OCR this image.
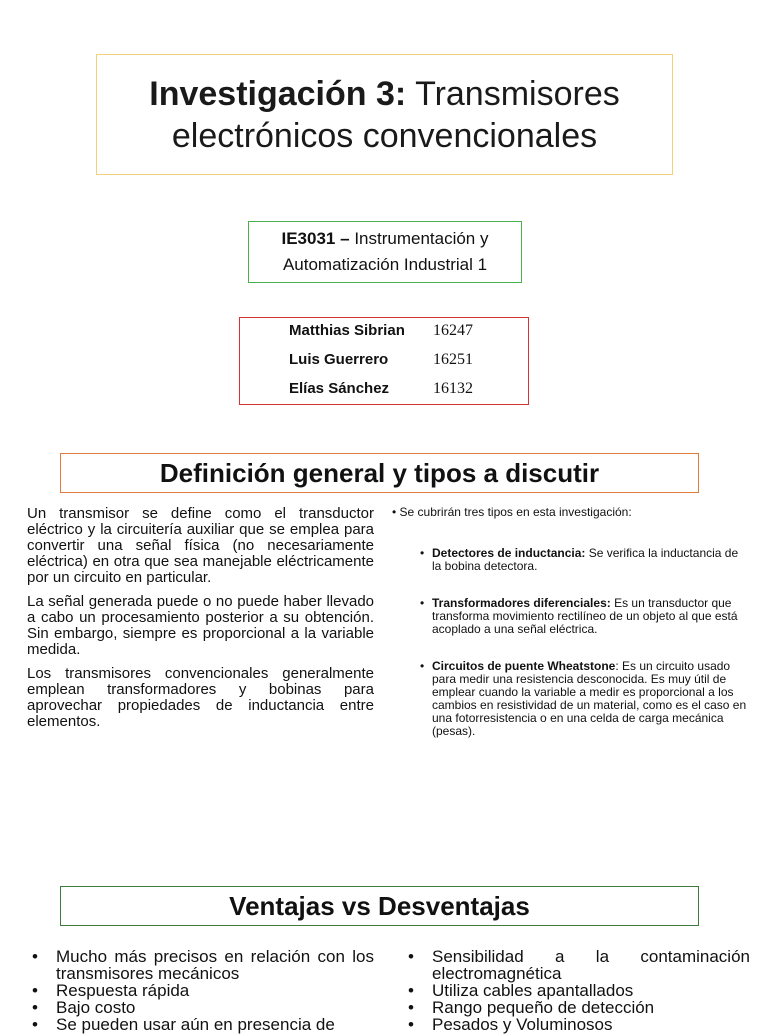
Investigación 3: Transmisores electrónicos convencionales
IE3031 – Instrumentación y Automatización Industrial 1
Matthias Sibrian 16247
Luis Guerrero	16251
Elías Sánchez	16132
Definición general y tipos a discutir

Un transmisor se define como el transductor eléctrico y la circuitería auxiliar que se emplea para convertir una señal física (no necesariamente eléctrica) en otra que sea manejable eléctricamente por un circuito en particular.

La señal generada puede o no puede haber llevado a cabo un procesamiento posterior a su obtención. Sin embargo, siempre es proporcional a la variable medida.

Los transmisores convencionales generalmente emplean transformadores y bobinas para aprovechar propiedades de inductancia entre elementos.

• Se cubrirán tres tipos en esta investigación:
• Detectores de inductancia: Se verifica la inductancia de la bobina detectora.
• Transformadores diferenciales: Es un transductor que transforma movimiento rectilíneo de un objeto al que está acoplado a una señal eléctrica.
• Circuitos de puente Wheatstone: Es un circuito usado para medir una resistencia desconocida. Es muy útil de emplear cuando la variable a medir es proporcional a los cambios en resistividad de un material, como es el caso en una fotorresistencia o en una celda de carga mecánica (pesas).
Ventajas vs Desventajas
• Mucho más precisos en relación con los transmisores mecánicos
• Respuesta rápida
• Bajo costo
• Se pueden usar aún en presencia de
• Sensibilidad a la contaminación electromagnética
• Utiliza cables apantallados
• Rango pequeño de detección
• Pesados y Voluminosos
